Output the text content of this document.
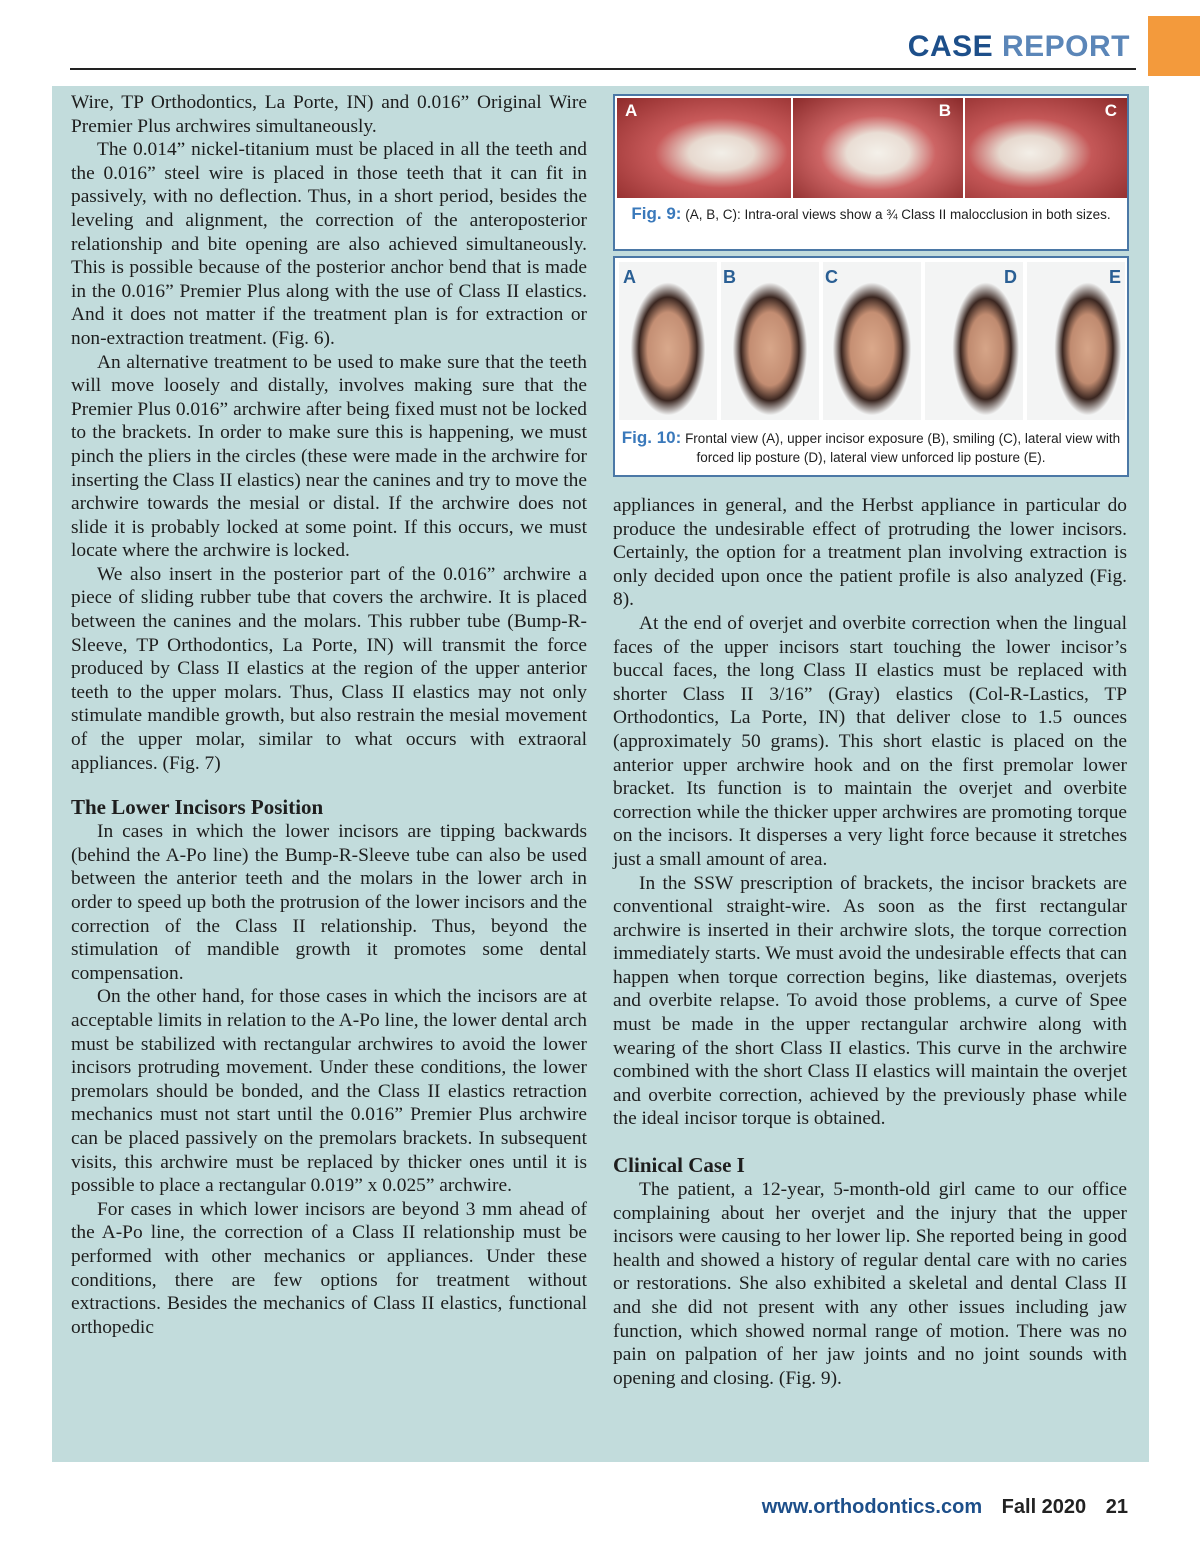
CASE REPORT

Wire, TP Orthodontics, La Porte, IN) and 0.016” Original Wire Premier Plus archwires simultaneously.

The 0.014” nickel-titanium must be placed in all the teeth and the 0.016” steel wire is placed in those teeth that it can fit in passively, with no deflection. Thus, in a short period, besides the leveling and alignment, the correction of the anteroposterior relationship and bite opening are also achieved simultaneously. This is possible because of the posterior anchor bend that is made in the 0.016” Premier Plus along with the use of Class II elastics. And it does not matter if the treatment plan is for extraction or non-extraction treatment. (Fig. 6).

An alternative treatment to be used to make sure that the teeth will move loosely and distally, involves making sure that the Premier Plus 0.016” archwire after being fixed must not be locked to the brackets. In order to make sure this is happening, we must pinch the pliers in the circles (these were made in the archwire for inserting the Class II elastics) near the canines and try to move the archwire towards the mesial or distal. If the archwire does not slide it is probably locked at some point. If this occurs, we must locate where the archwire is locked.

We also insert in the posterior part of the 0.016” archwire a piece of sliding rubber tube that covers the archwire. It is placed between the canines and the molars. This rubber tube (Bump-R-Sleeve, TP Orthodontics, La Porte, IN) will transmit the force produced by Class II elastics at the region of the upper anterior teeth to the upper molars. Thus, Class II elastics may not only stimulate mandible growth, but also restrain the mesial movement of the upper molar, similar to what occurs with extraoral appliances. (Fig. 7)

The Lower Incisors Position

In cases in which the lower incisors are tipping backwards (behind the A-Po line) the Bump-R-Sleeve tube can also be used between the anterior teeth and the molars in the lower arch in order to speed up both the protrusion of the lower incisors and the correction of the Class II relationship. Thus, beyond the stimulation of mandible growth it promotes some dental compensation.

On the other hand, for those cases in which the incisors are at acceptable limits in relation to the A-Po line, the lower dental arch must be stabilized with rectangular archwires to avoid the lower incisors protruding movement. Under these conditions, the lower premolars should be bonded, and the Class II elastics retraction mechanics must not start until the 0.016” Premier Plus archwire can be placed passively on the premolars brackets. In subsequent visits, this archwire must be replaced by thicker ones until it is possible to place a rectangular 0.019” x 0.025” archwire.

For cases in which lower incisors are beyond 3 mm ahead of the A-Po line, the correction of a Class II relationship must be performed with other mechanics or appliances. Under these conditions, there are few options for treatment without extractions. Besides the mechanics of Class II elastics, functional orthopedic

A	B	C
Fig. 9: (A, B, C): Intra-oral views show a ¾ Class II malocclusion in both sizes.
A	B	C	D	E
Fig. 10: Frontal view (A), upper incisor exposure (B), smiling (C), lateral view with forced lip posture (D), lateral view unforced lip posture (E).

appliances in general, and the Herbst appliance in particular do produce the undesirable effect of protruding the lower incisors. Certainly, the option for a treatment plan involving extraction is only decided upon once the patient profile is also analyzed (Fig. 8).

At the end of overjet and overbite correction when the lingual faces of the upper incisors start touching the lower incisor’s buccal faces, the long Class II elastics must be replaced with shorter Class II 3/16” (Gray) elastics (Col-R-Lastics, TP Orthodontics, La Porte, IN) that deliver close to 1.5 ounces (approximately 50 grams). This short elastic is placed on the anterior upper archwire hook and on the first premolar lower bracket. Its function is to maintain the overjet and overbite correction while the thicker upper archwires are promoting torque on the incisors. It disperses a very light force because it stretches just a small amount of area.

In the SSW prescription of brackets, the incisor brackets are conventional straight-wire. As soon as the first rectangular archwire is inserted in their archwire slots, the torque correction immediately starts. We must avoid the undesirable effects that can happen when torque correction begins, like diastemas, overjets and overbite relapse. To avoid those problems, a curve of Spee must be made in the upper rectangular archwire along with wearing of the short Class II elastics. This curve in the archwire combined with the short Class II elastics will maintain the overjet and overbite correction, achieved by the previously phase while the ideal incisor torque is obtained.

Clinical Case I

The patient, a 12-year, 5-month-old girl came to our office complaining about her overjet and the injury that the upper incisors were causing to her lower lip. She reported being in good health and showed a history of regular dental care with no caries or restorations. She also exhibited a skeletal and dental Class II and she did not present with any other issues including jaw function, which showed normal range of motion. There was no pain on palpation of her jaw joints and no joint sounds with opening and closing. (Fig. 9).

www.orthodontics.com Fall 2020 21
